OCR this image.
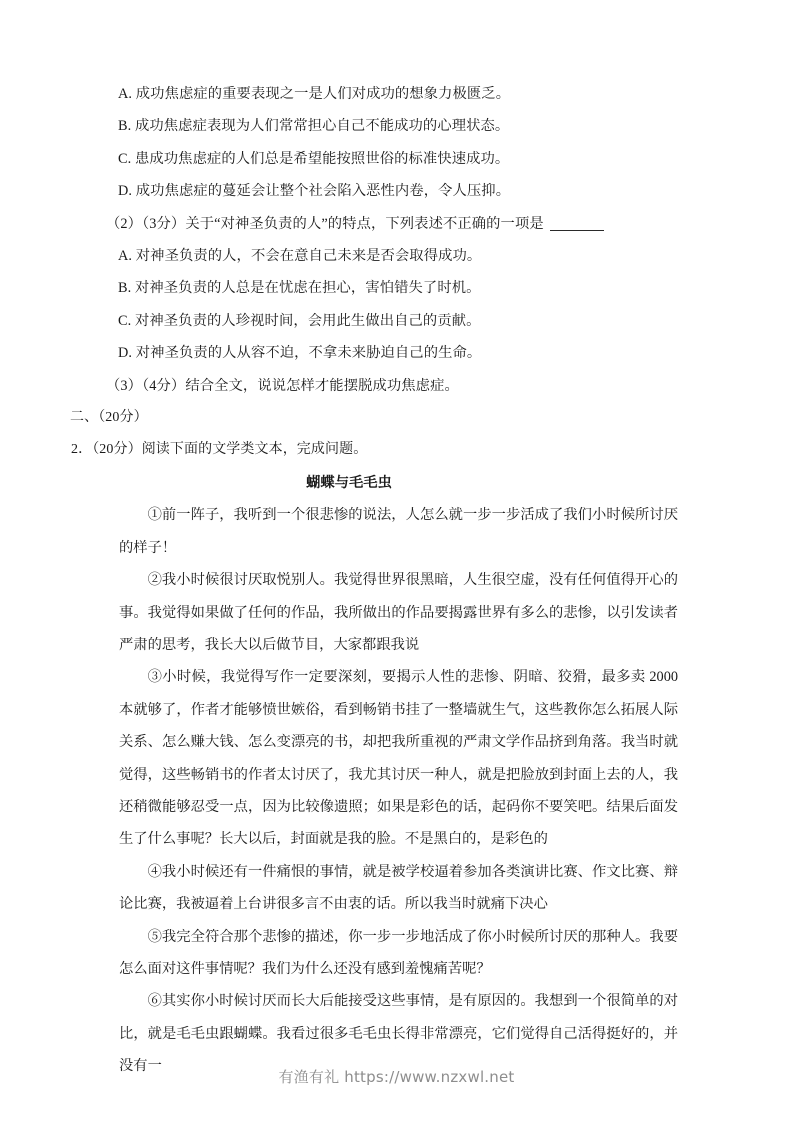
A. 成功焦虑症的重要表现之一是人们对成功的想象力极匮乏。
B. 成功焦虑症表现为人们常常担心自己不能成功的心理状态。
C. 患成功焦虑症的人们总是希望能按照世俗的标准快速成功。
D. 成功焦虑症的蔓延会让整个社会陷入恶性内卷，令人压抑。
（2）（3分）关于“对神圣负责的人”的特点，下列表述不正确的一项是
A. 对神圣负责的人，不会在意自己未来是否会取得成功。
B. 对神圣负责的人总是在忧虑在担心，害怕错失了时机。
C. 对神圣负责的人珍视时间，会用此生做出自己的贡献。
D. 对神圣负责的人从容不迫，不拿未来胁迫自己的生命。
（3）（4分）结合全文，说说怎样才能摆脱成功焦虑症。
二、（20分）
2．（20分）阅读下面的文学类文本，完成问题。
蝴蝶与毛毛虫

①前一阵子，我听到一个很悲惨的说法，人怎么就一步一步活成了我们小时候所讨厌的样子！

②我小时候很讨厌取悦别人。我觉得世界很黑暗，人生很空虚，没有任何值得开心的事。我觉得如果做了任何的作品，我所做出的作品要揭露世界有多么的悲惨，以引发读者严肃的思考，我长大以后做节目，大家都跟我说

③小时候，我觉得写作一定要深刻，要揭示人性的悲惨、阴暗、狡猾，最多卖 2000 本就够了，作者才能够愤世嫉俗，看到畅销书挂了一整墙就生气，这些教你怎么拓展人际关系、怎么赚大钱、怎么变漂亮的书，却把我所重视的严肃文学作品挤到角落。我当时就觉得，这些畅销书的作者太讨厌了，我尤其讨厌一种人，就是把脸放到封面上去的人，我还稍微能够忍受一点，因为比较像遗照；如果是彩色的话，起码你不要笑吧。结果后面发生了什么事呢？长大以后，封面就是我的脸。不是黑白的，是彩色的

④我小时候还有一件痛恨的事情，就是被学校逼着参加各类演讲比赛、作文比赛、辩论比赛，我被逼着上台讲很多言不由衷的话。所以我当时就痛下决心

⑤我完全符合那个悲惨的描述，你一步一步地活成了你小时候所讨厌的那种人。我要怎么面对这件事情呢？我们为什么还没有感到羞愧痛苦呢？

⑥其实你小时候讨厌而长大后能接受这些事情，是有原因的。我想到一个很简单的对比，就是毛毛虫跟蝴蝶。我看过很多毛毛虫长得非常漂亮，它们觉得自己活得挺好的，并没有一

有渔有礼 https://www.nzxwl.net
